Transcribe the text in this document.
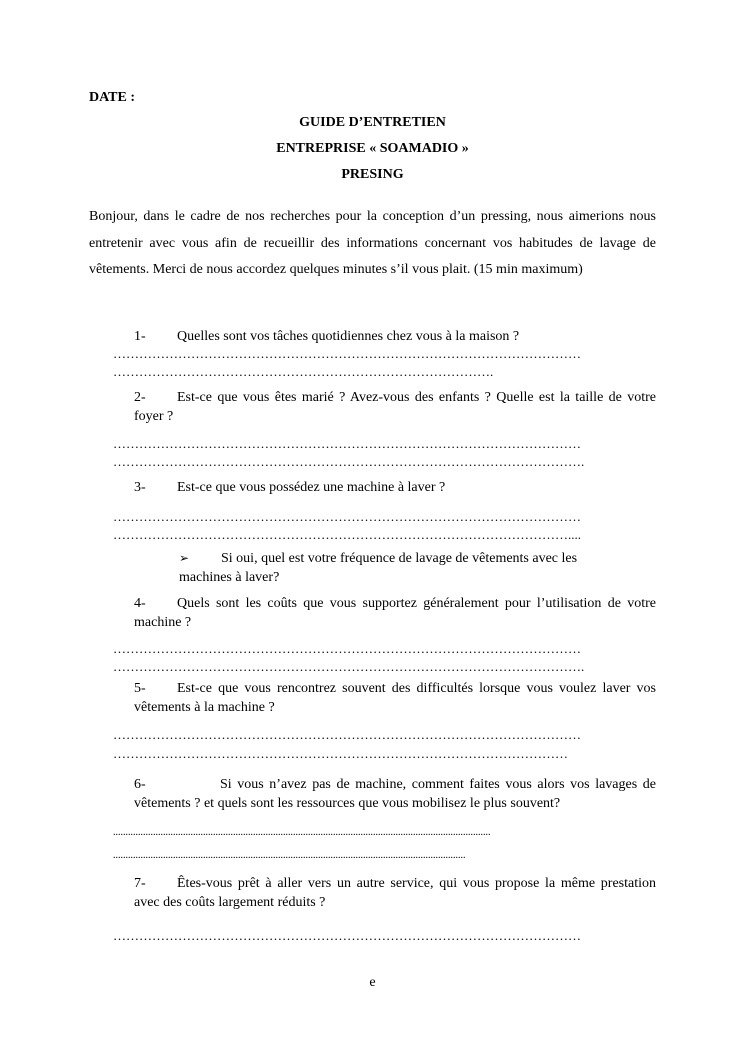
DATE :
GUIDE D’ENTRETIEN
ENTREPRISE « SOAMADIO »
PRESING
Bonjour, dans le cadre de nos recherches pour la conception d’un pressing, nous aimerions nous entretenir avec vous afin de recueillir des informations concernant vos habitudes de lavage de vêtements. Merci de nous accordez quelques minutes s’il vous plait. (15 min maximum)
1- Quelles sont vos tâches quotidiennes chez vous à la maison ?
………………………………………………………………………………………………
…………………………………………………………………………….
2- Est-ce que vous êtes marié ? Avez-vous des enfants ? Quelle est la taille de votre foyer ?
………………………………………………………………………………………………
……………………………………………………………………………………………….
3- Est-ce que vous possédez une machine à laver ?
………………………………………………………………………………………………
……………………………………………………………………………………………....
➢ Si oui, quel est votre fréquence de lavage de vêtements avec les machines à laver?
4- Quels sont les coûts que vous supportez généralement pour l’utilisation de votre machine ?
………………………………………………………………………………………………
……………………………………………………………………………………………….
5- Est-ce que vous rencontrez souvent des difficultés lorsque vous voulez laver vos vêtements à la machine ?
………………………………………………………………………………………………
……………………………………………………………………………………………
6-	Si vous n’avez pas de machine, comment faites vous alors vos lavages de vêtements ? et quels sont les ressources que vous mobilisez le plus souvent?
.......................................................................................................................................................
.............................................................................................................................................
7- Êtes-vous prêt à aller vers un autre service, qui vous propose la même prestation avec des coûts largement réduits ?
………………………………………………………………………………………………
e
